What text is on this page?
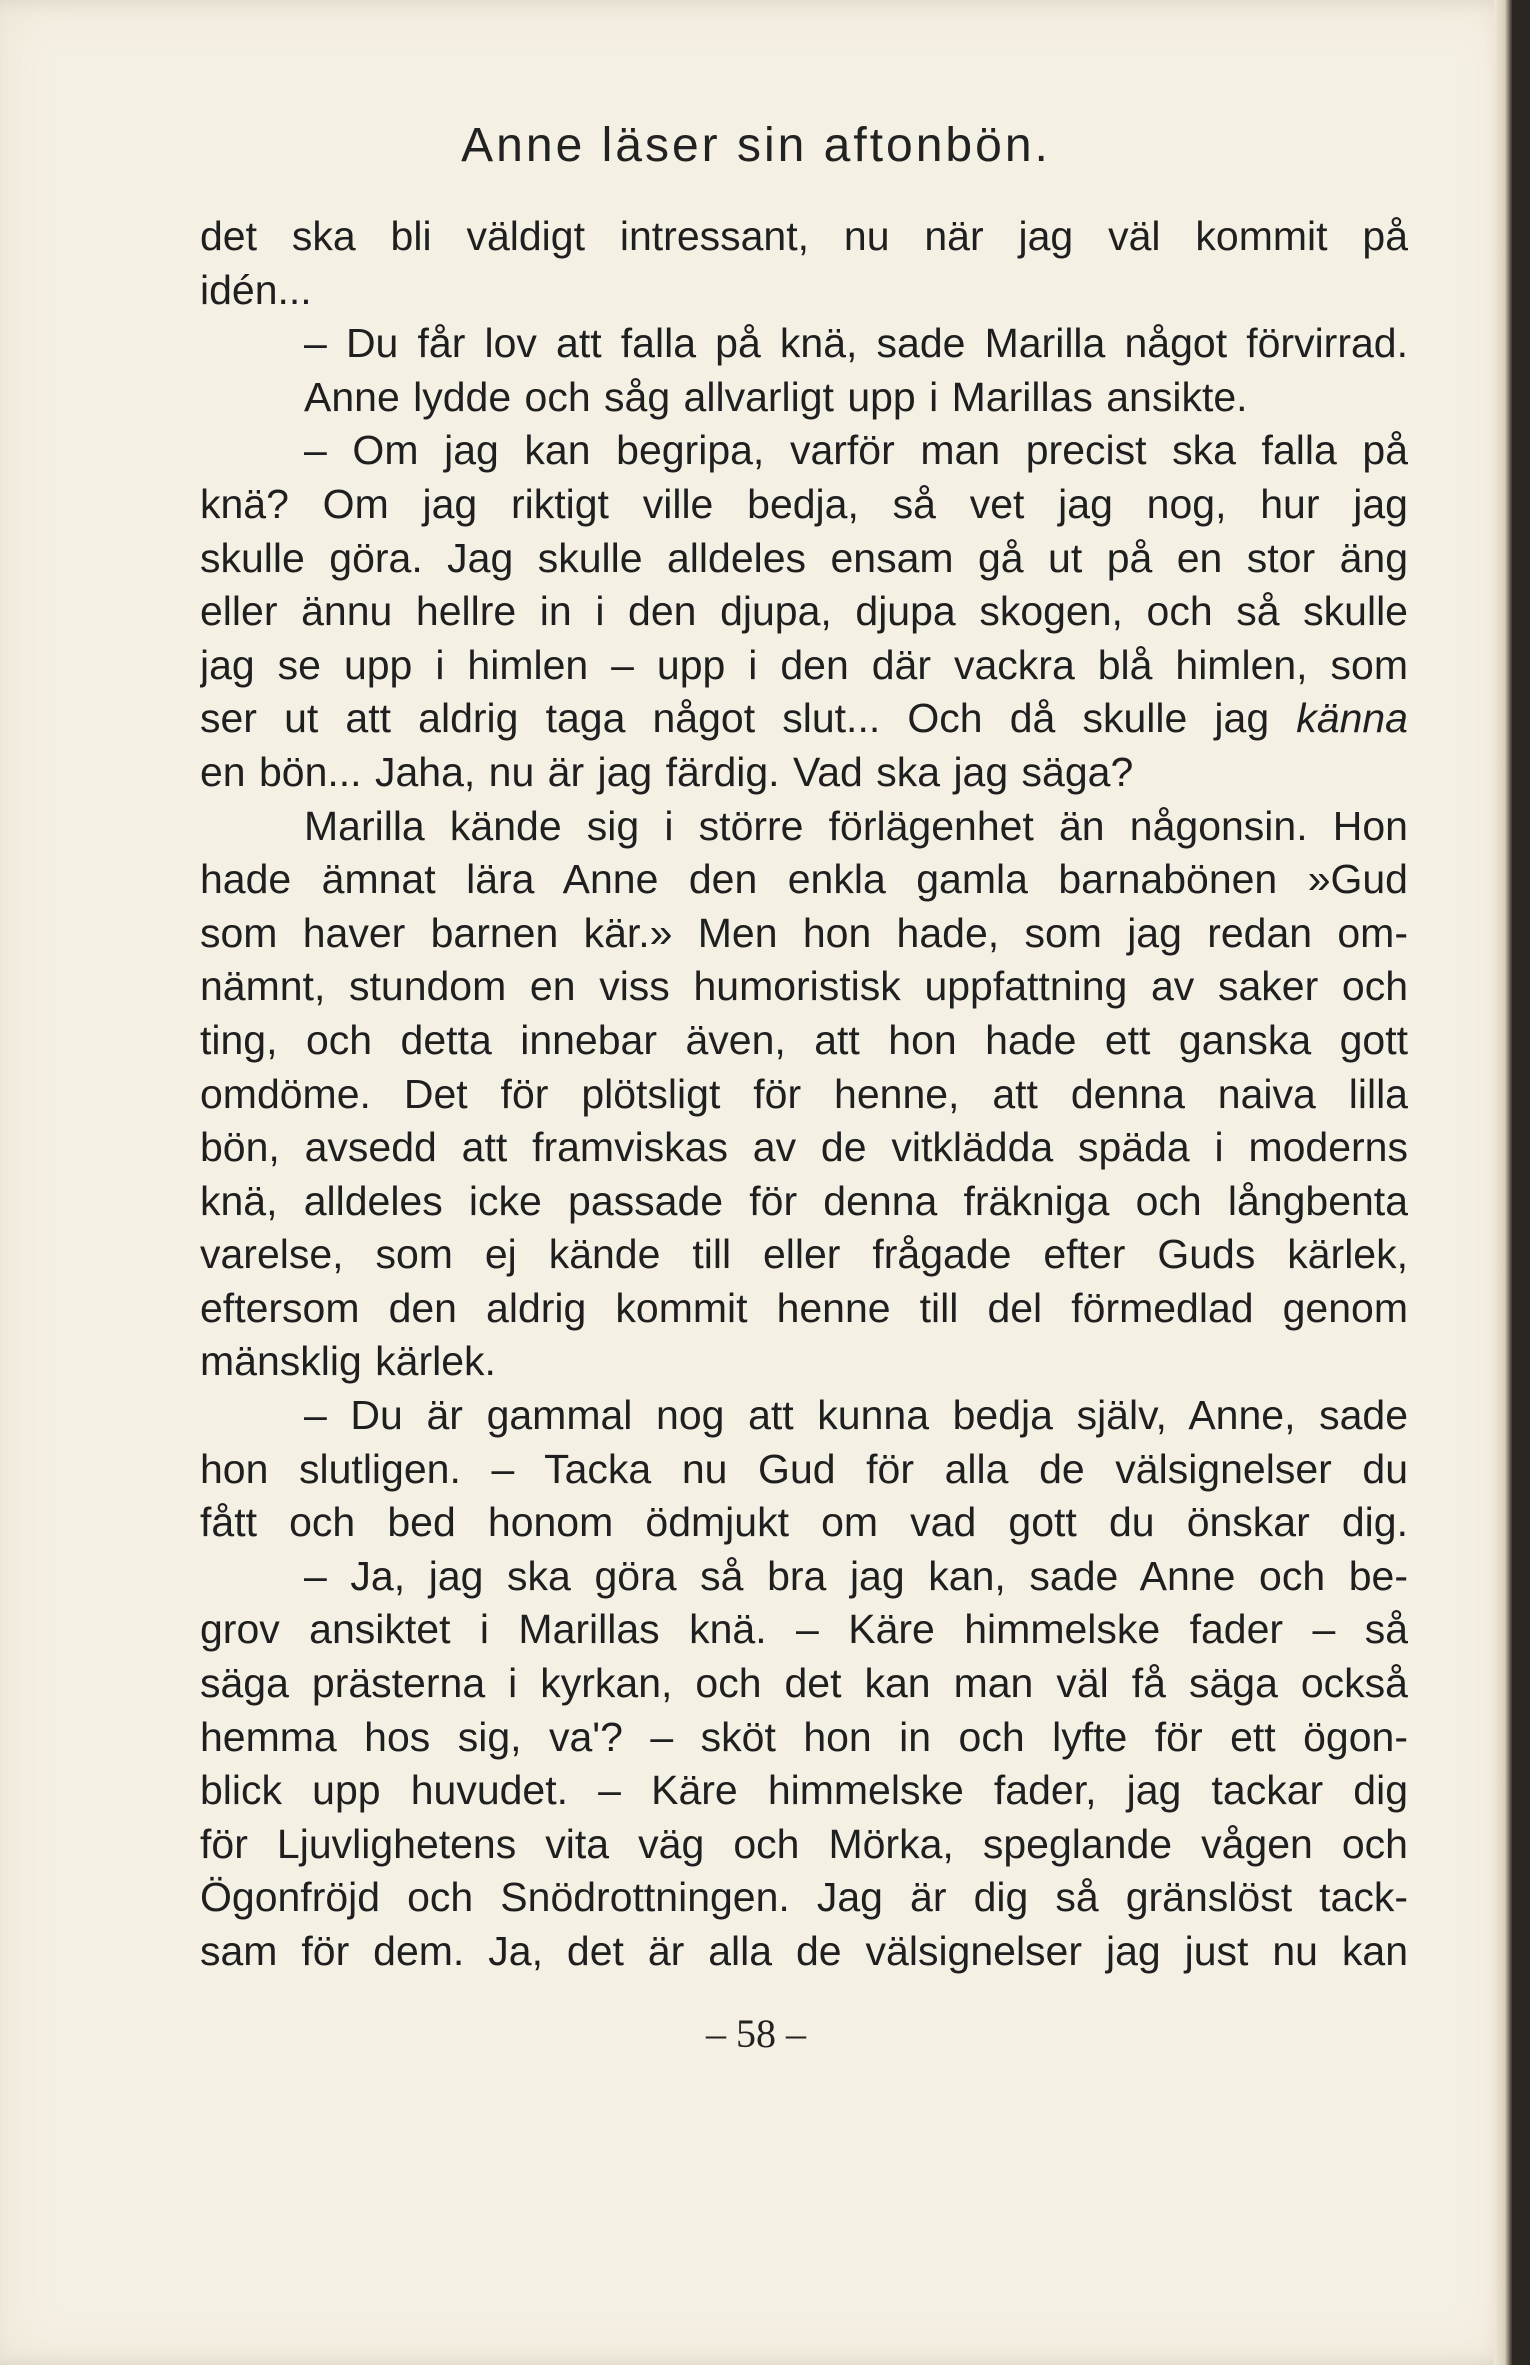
Anne läser sin aftonbön.
det ska bli väldigt intressant, nu när jag väl kommit på
idén...
– Du får lov att falla på knä, sade Marilla något förvirrad.
Anne lydde och såg allvarligt upp i Marillas ansikte.
– Om jag kan begripa, varför man precist ska falla på
knä? Om jag riktigt ville bedja, så vet jag nog, hur jag
skulle göra. Jag skulle alldeles ensam gå ut på en stor äng
eller ännu hellre in i den djupa, djupa skogen, och så skulle
jag se upp i himlen – upp i den där vackra blå himlen, som
ser ut att aldrig taga något slut... Och då skulle jag känna
en bön... Jaha, nu är jag färdig. Vad ska jag säga?
Marilla kände sig i större förlägenhet än någonsin. Hon
hade ämnat lära Anne den enkla gamla barnabönen »Gud
som haver barnen kär.» Men hon hade, som jag redan om-
nämnt, stundom en viss humoristisk uppfattning av saker och
ting, och detta innebar även, att hon hade ett ganska gott
omdöme. Det för plötsligt för henne, att denna naiva lilla
bön, avsedd att framviskas av de vitklädda späda i moderns
knä, alldeles icke passade för denna fräkniga och långbenta
varelse, som ej kände till eller frågade efter Guds kärlek,
eftersom den aldrig kommit henne till del förmedlad genom
mänsklig kärlek.
– Du är gammal nog att kunna bedja själv, Anne, sade
hon slutligen. – Tacka nu Gud för alla de välsignelser du
fått och bed honom ödmjukt om vad gott du önskar dig.
– Ja, jag ska göra så bra jag kan, sade Anne och be-
grov ansiktet i Marillas knä. – Käre himmelske fader – så
säga prästerna i kyrkan, och det kan man väl få säga också
hemma hos sig, va'? – sköt hon in och lyfte för ett ögon-
blick upp huvudet. – Käre himmelske fader, jag tackar dig
för Ljuvlighetens vita väg och Mörka, speglande vågen och
Ögonfröjd och Snödrottningen. Jag är dig så gränslöst tack-
sam för dem. Ja, det är alla de välsignelser jag just nu kan
– 58 –
